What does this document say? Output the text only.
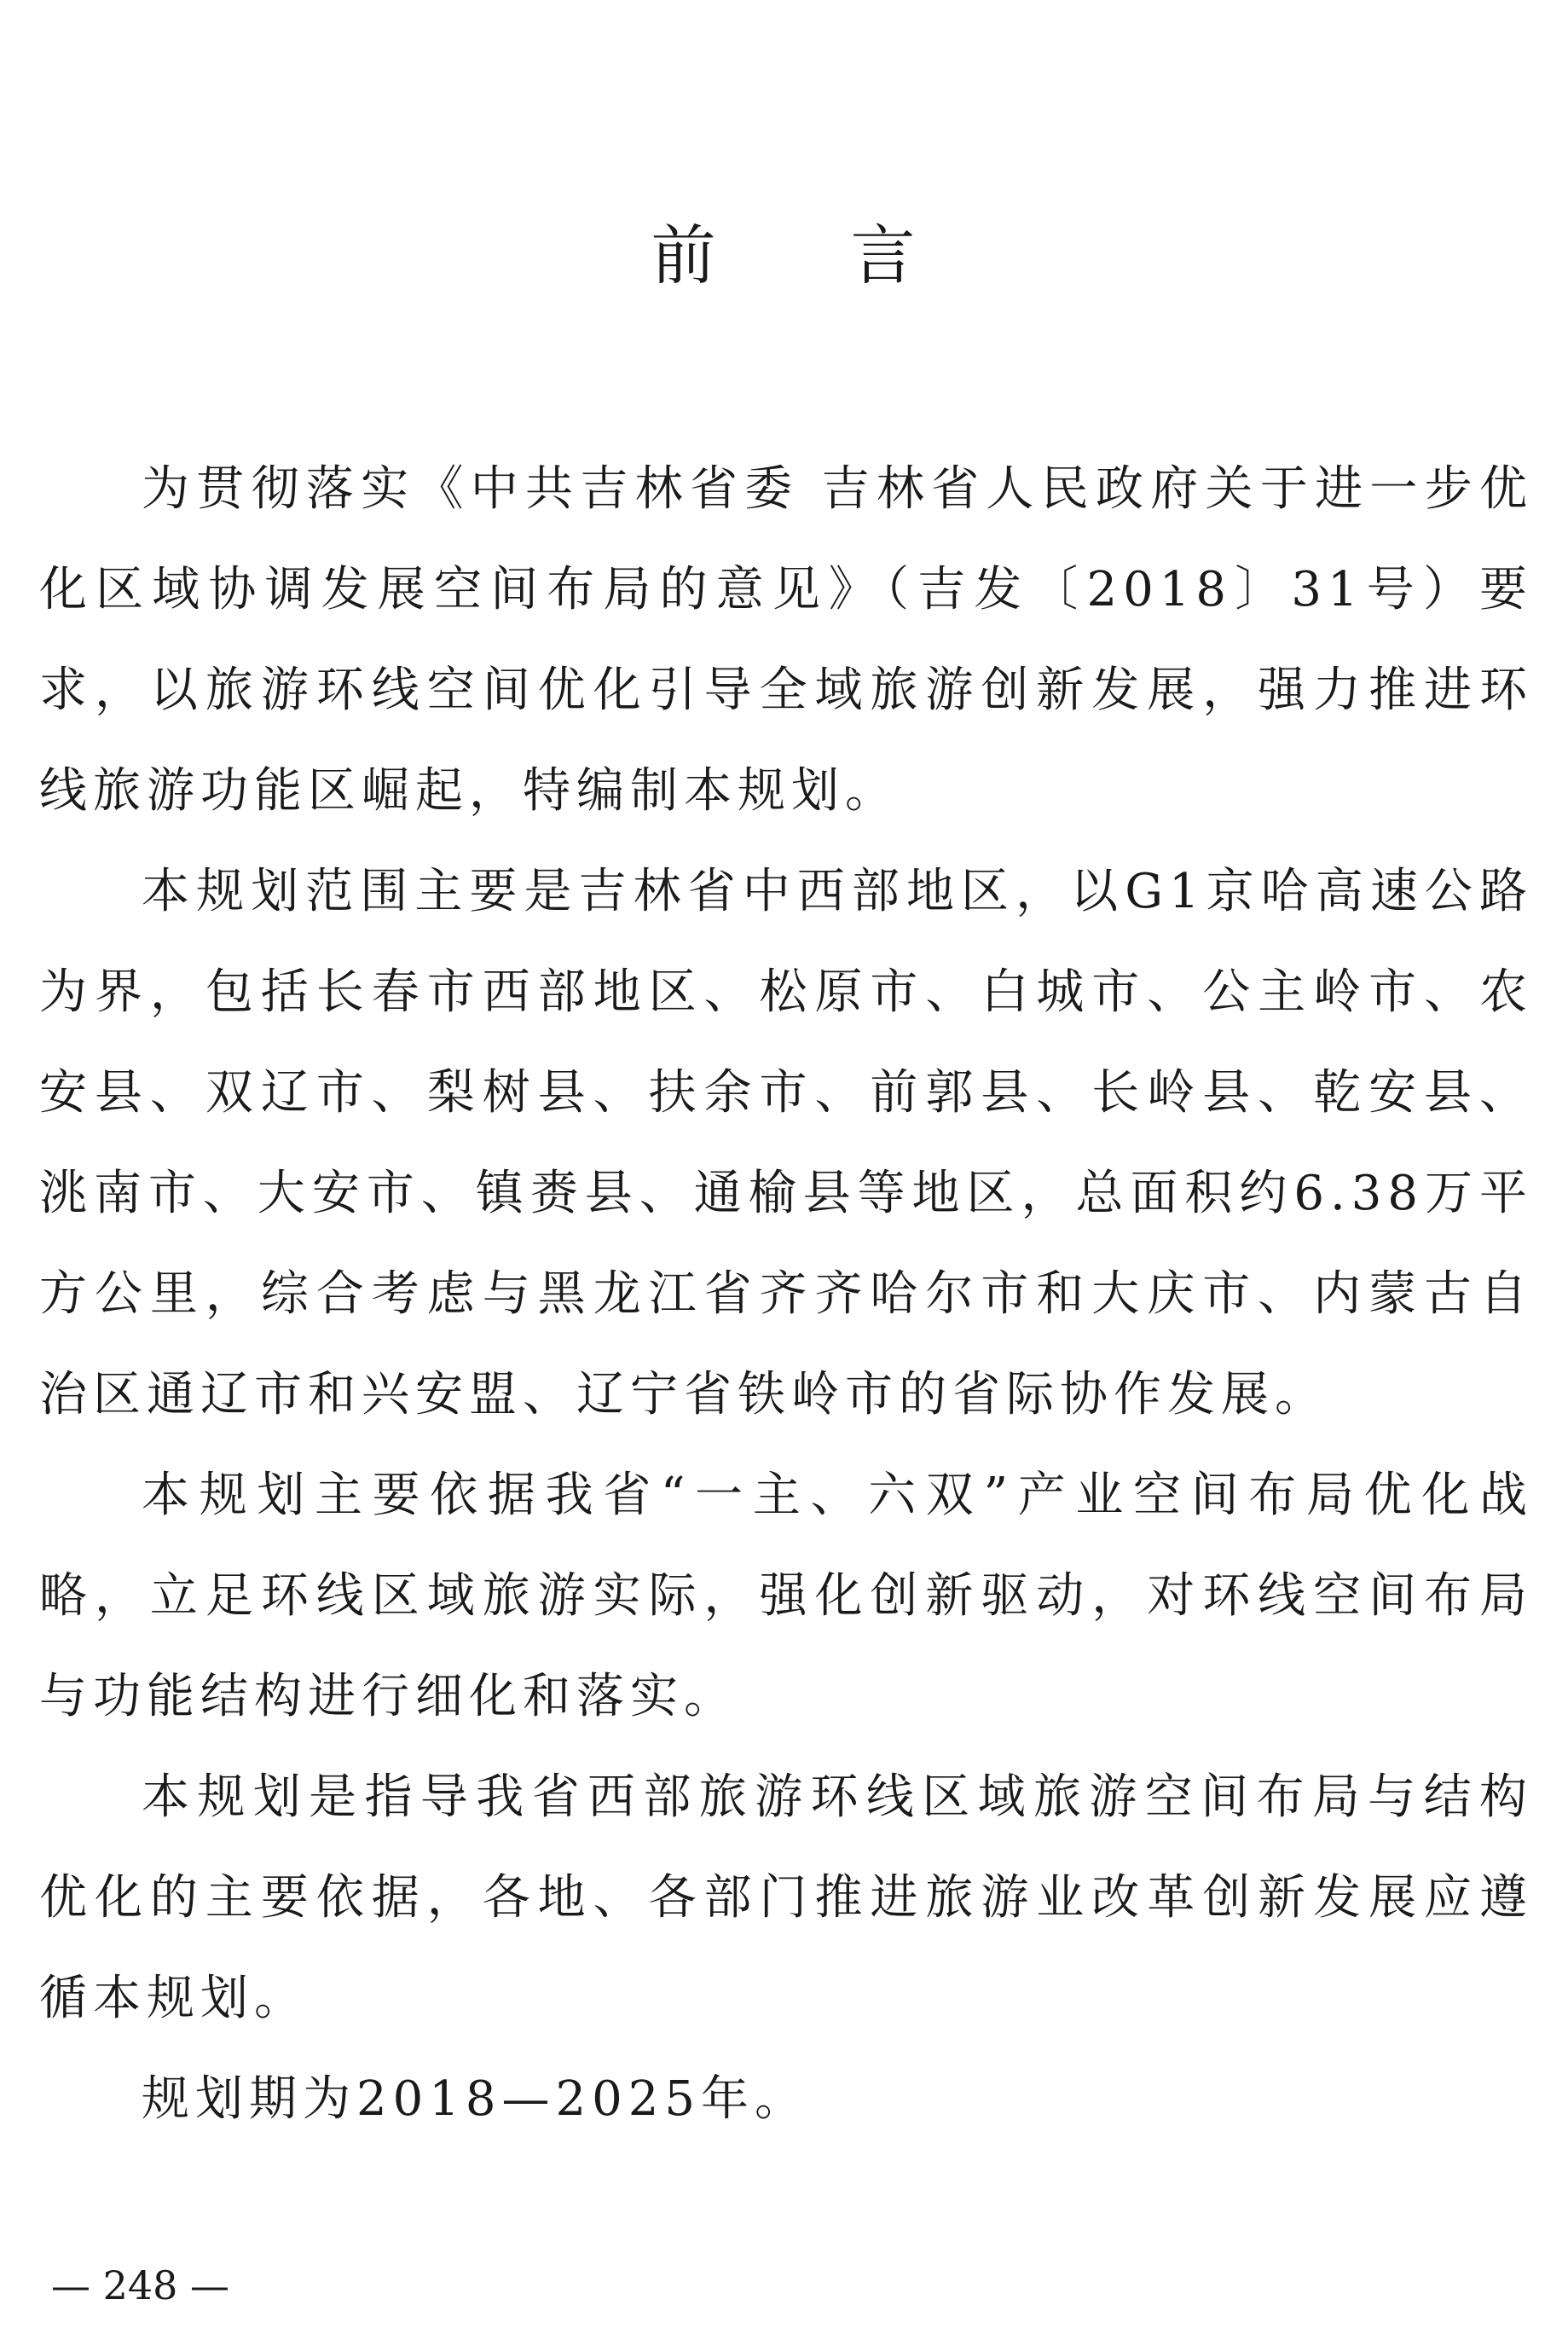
前　　言

为贯彻落实《中共吉林省委 吉林省人民政府关于进一步优化区域协调发展空间布局的意见》（吉发〔2018〕31号）要求，以旅游环线空间优化引导全域旅游创新发展，强力推进环线旅游功能区崛起，特编制本规划。

本规划范围主要是吉林省中西部地区，以G1京哈高速公路为界，包括长春市西部地区、松原市、白城市、公主岭市、农安县、双辽市、梨树县、扶余市、前郭县、长岭县、乾安县、洮南市、大安市、镇赉县、通榆县等地区，总面积约6.38万平方公里，综合考虑与黑龙江省齐齐哈尔市和大庆市、内蒙古自治区通辽市和兴安盟、辽宁省铁岭市的省际协作发展。

本规划主要依据我省“一主、六双”产业空间布局优化战略，立足环线区域旅游实际，强化创新驱动，对环线空间布局与功能结构进行细化和落实。

本规划是指导我省西部旅游环线区域旅游空间布局与结构优化的主要依据，各地、各部门推进旅游业改革创新发展应遵循本规划。

规划期为2018—2025年。

— 248 —
